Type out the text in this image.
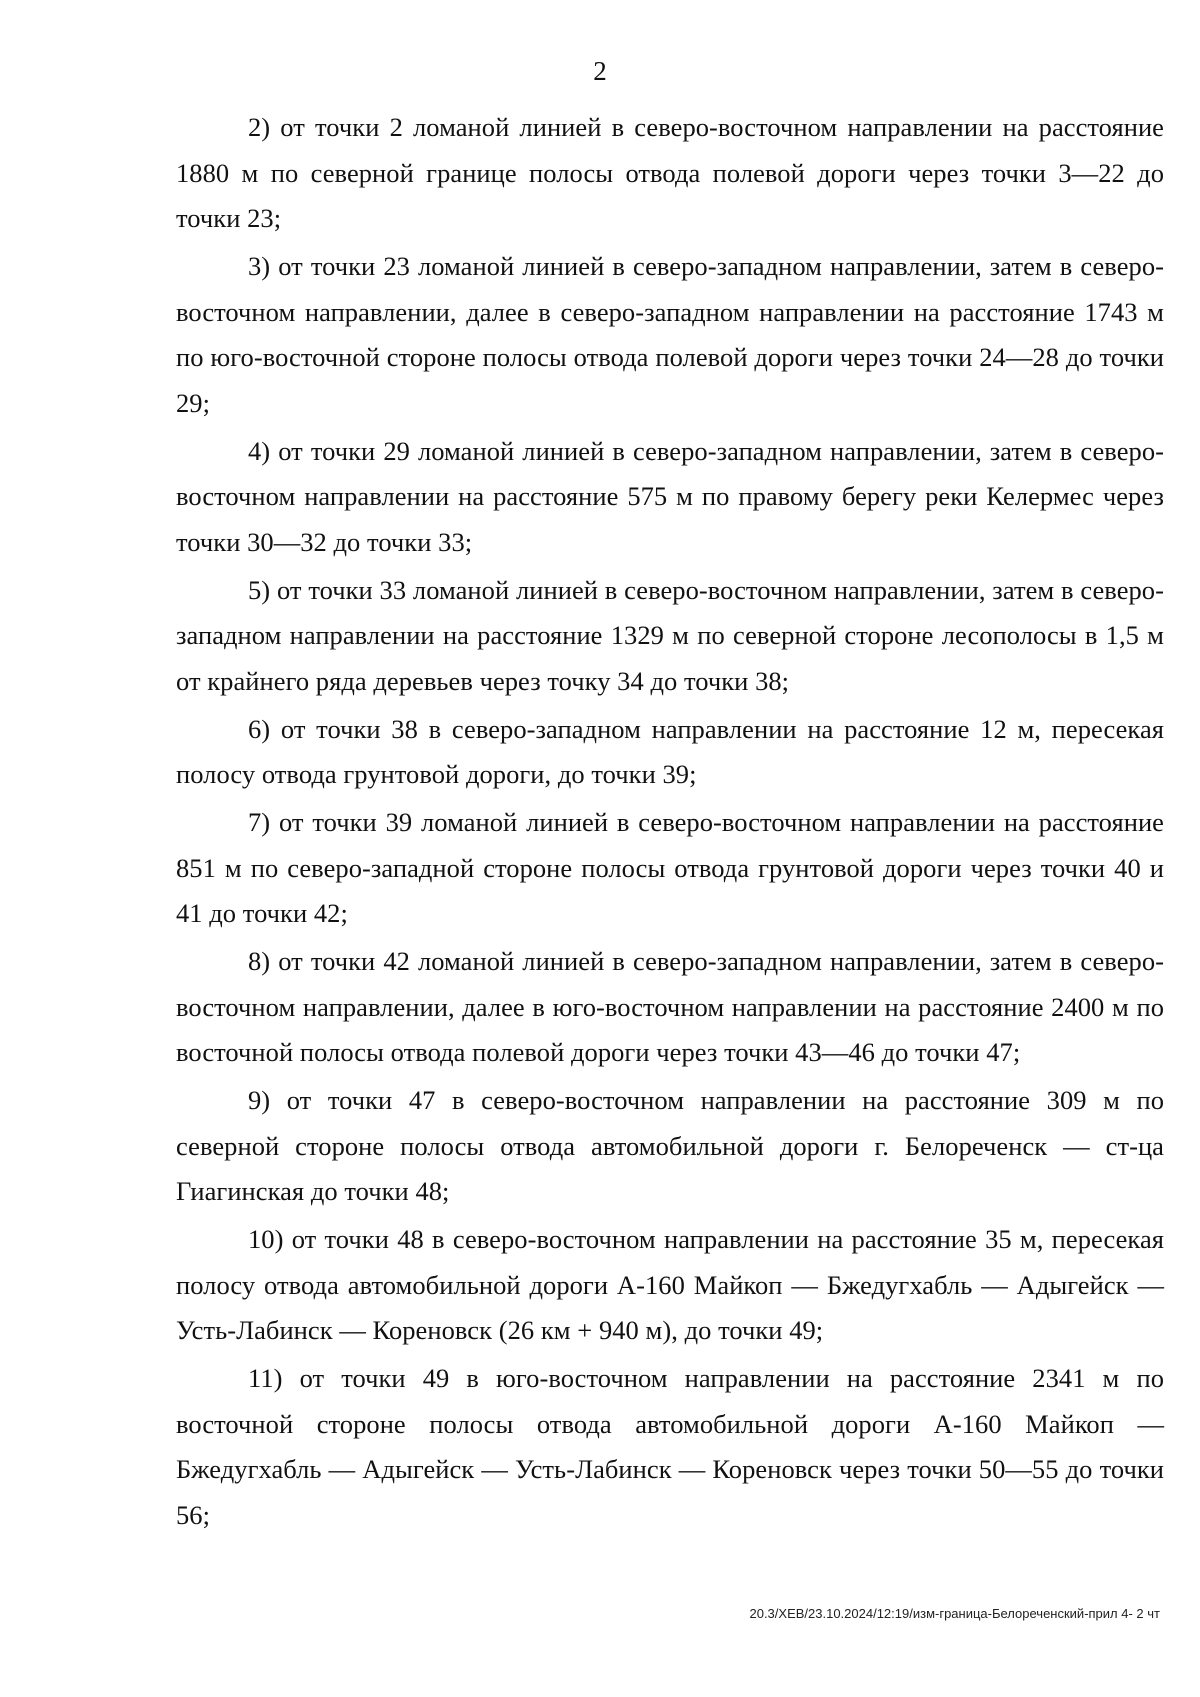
2

2) от точки 2 ломаной линией в северо-восточном направлении на расстояние 1880 м по северной границе полосы отвода полевой дороги через точки 3—22 до точки 23;

3) от точки 23 ломаной линией в северо-западном направлении, затем в северо-восточном направлении, далее в северо-западном направлении на расстояние 1743 м по юго-восточной стороне полосы отвода полевой дороги через точки 24—28 до точки 29;

4) от точки 29 ломаной линией в северо-западном направлении, затем в северо-восточном направлении на расстояние 575 м по правому берегу реки Келермес через точки 30—32 до точки 33;

5) от точки 33 ломаной линией в северо-восточном направлении, затем в северо-западном направлении на расстояние 1329 м по северной стороне лесополосы в 1,5 м от крайнего ряда деревьев через точку 34 до точки 38;

6) от точки 38 в северо-западном направлении на расстояние 12 м, пересекая полосу отвода грунтовой дороги, до точки 39;

7) от точки 39 ломаной линией в северо-восточном направлении на расстояние 851 м по северо-западной стороне полосы отвода грунтовой дороги через точки 40 и 41 до точки 42;

8) от точки 42 ломаной линией в северо-западном направлении, затем в северо-восточном направлении, далее в юго-восточном направлении на расстояние 2400 м по восточной полосы отвода полевой дороги через точки 43—46 до точки 47;

9) от точки 47 в северо-восточном направлении на расстояние 309 м по северной стороне полосы отвода автомобильной дороги г. Белореченск — ст-ца Гиагинская до точки 48;

10) от точки 48 в северо-восточном направлении на расстояние 35 м, пересекая полосу отвода автомобильной дороги А-160 Майкоп — Бжедугхабль — Адыгейск — Усть-Лабинск — Кореновск (26 км + 940 м), до точки 49;

11) от точки 49 в юго-восточном направлении на расстояние 2341 м по восточной стороне полосы отвода автомобильной дороги А-160 Майкоп — Бжедугхабль — Адыгейск — Усть-Лабинск — Кореновск через точки 50—55 до точки 56;

20.3/ХЕВ/23.10.2024/12:19/изм-граница-Белореченский-прил 4- 2 чт
